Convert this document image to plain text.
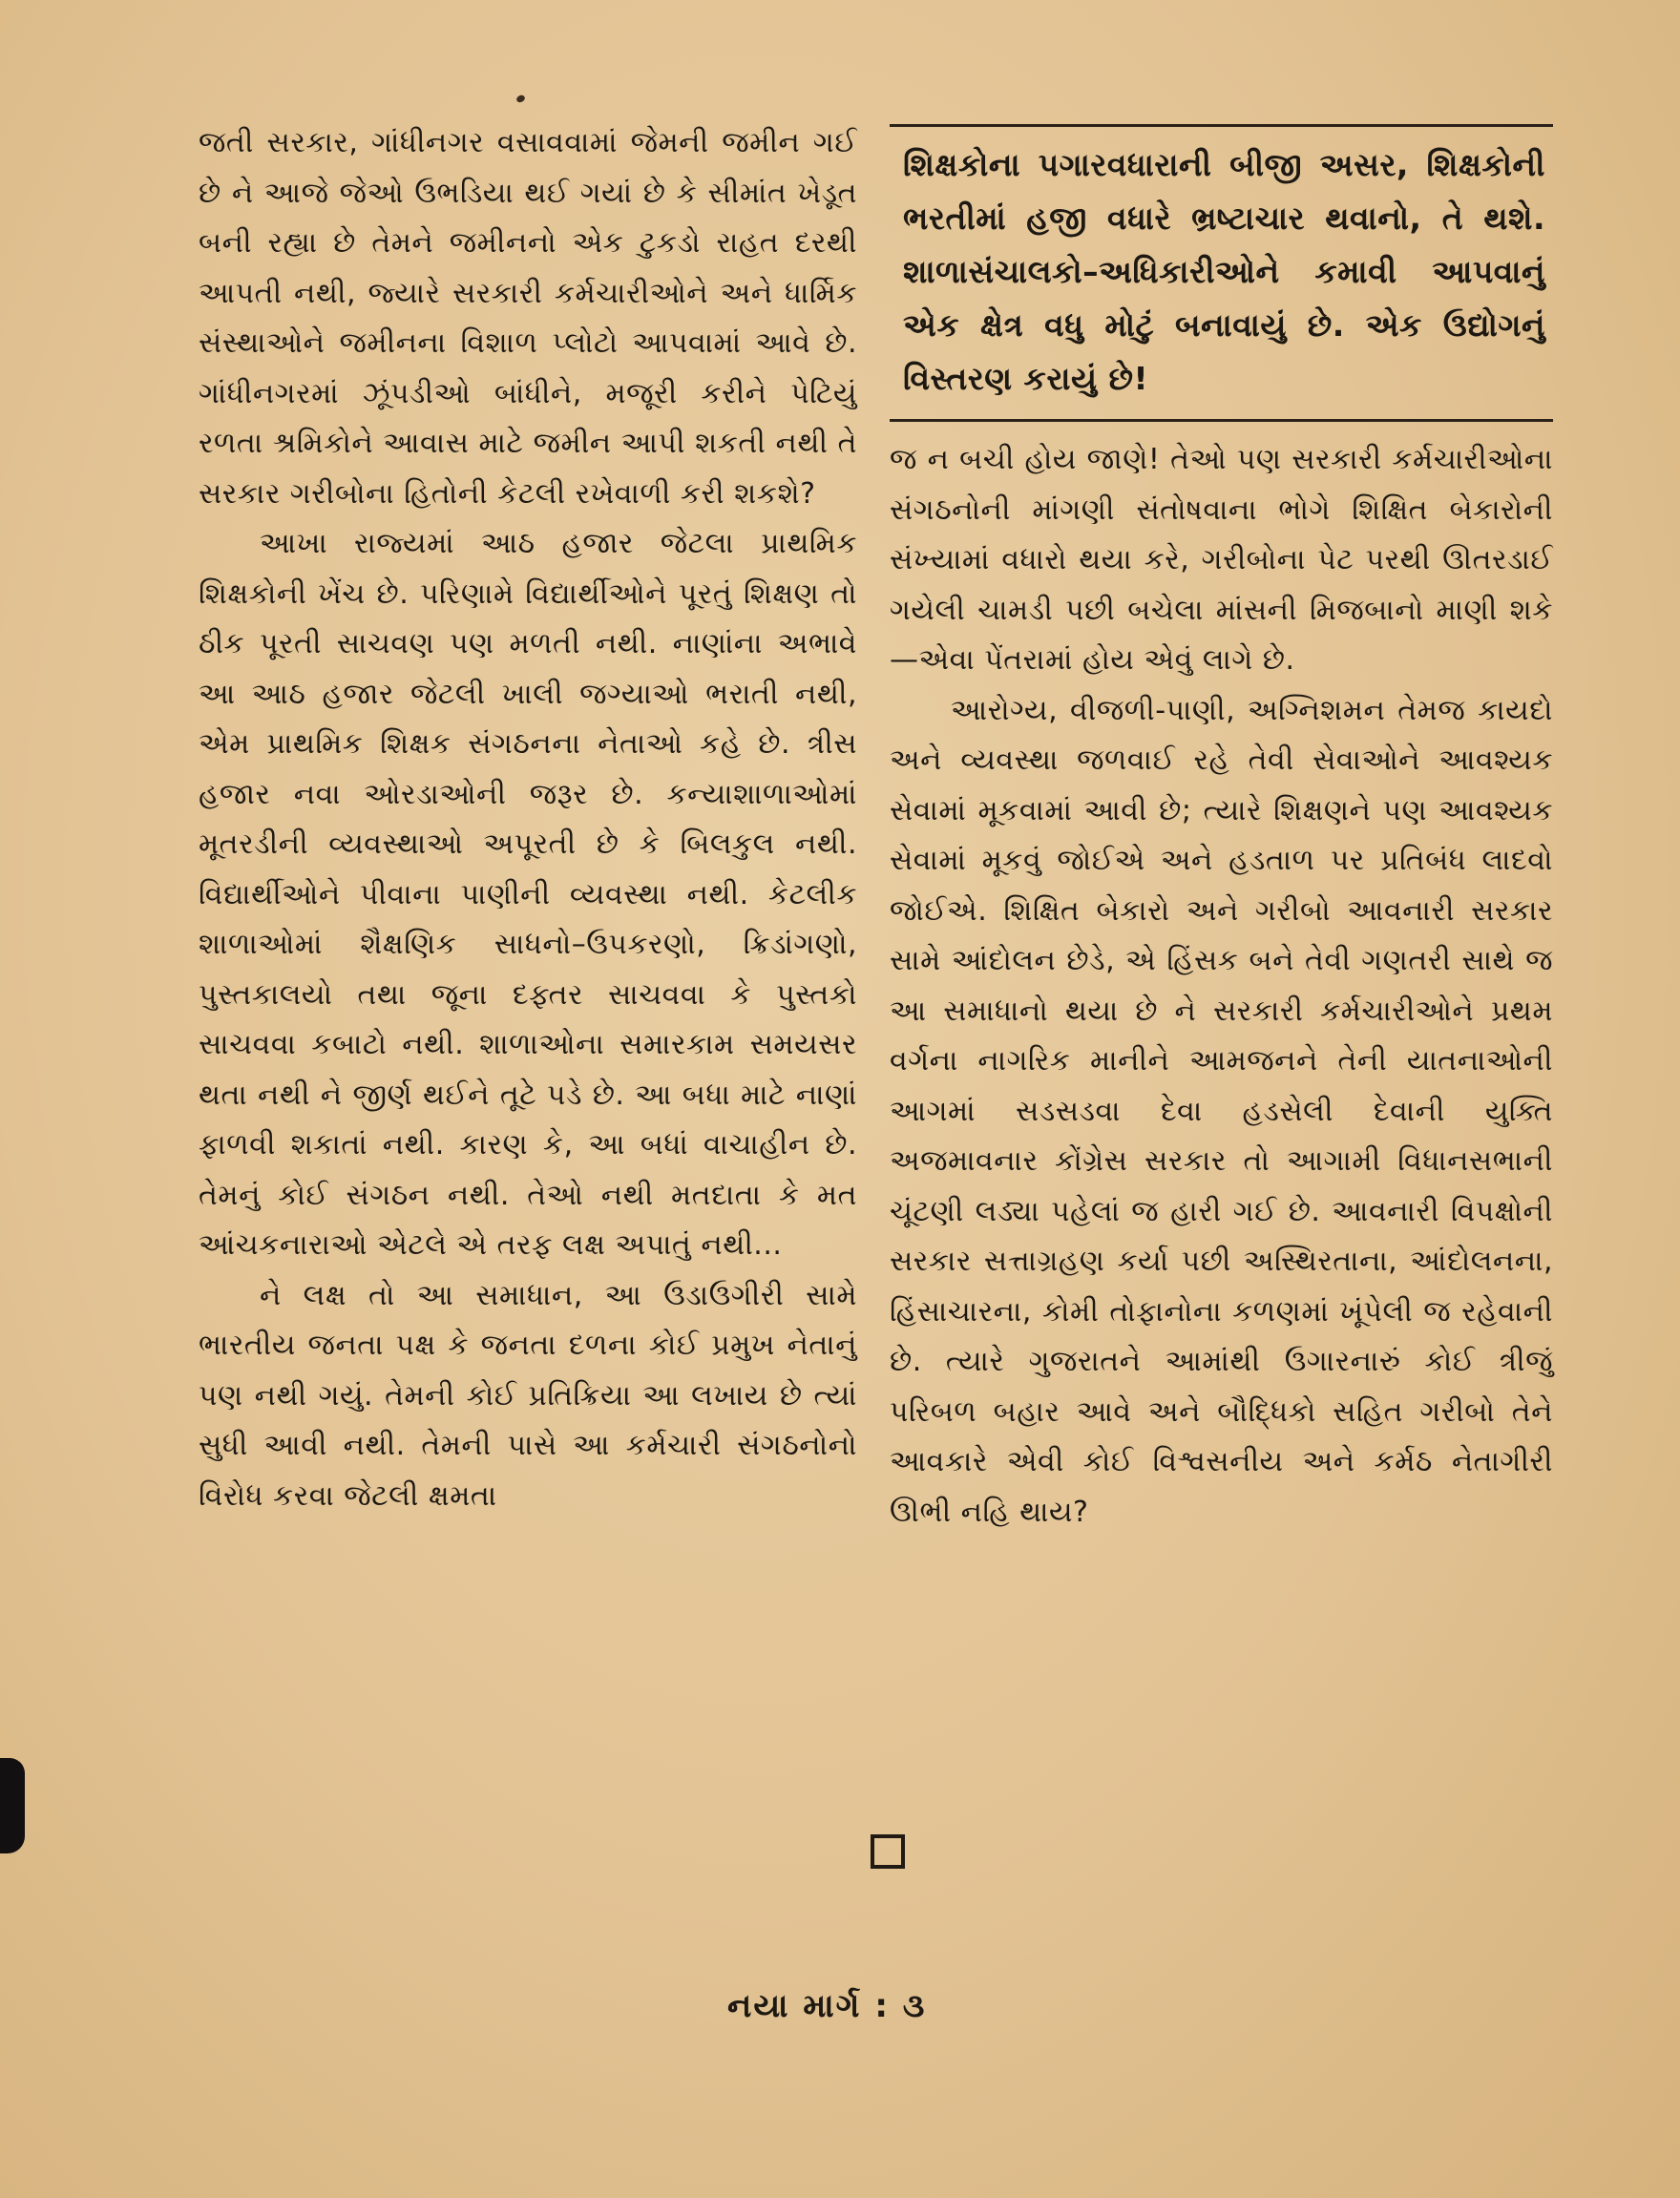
જતી સરકાર, ગાંધીનગર વસાવવામાં જેમની જમીન ગઈ છે ને આજે જેઓ ઉભડિયા થઈ ગયાં છે કે સીમાંત ખેડૂત બની રહ્યા છે તેમને જમીનનો એક ટુકડો રાહત દરથી આપતી નથી, જ્યારે સરકારી કર્મચારીઓને અને ધાર્મિક સંસ્થાઓને જમીનના વિશાળ પ્લોટો આપવામાં આવે છે. ગાંધીનગરમાં ઝૂંપડીઓ બાંધીને, મજૂરી કરીને પેટિયું રળતા શ્રમિકોને આવાસ માટે જમીન આપી શકતી નથી તે સરકાર ગરીબોના હિતોની કેટલી રખેવાળી કરી શકશે?

આખા રાજ્યમાં આઠ હજાર જેટલા પ્રાથમિક શિક્ષકોની ખેંચ છે. પરિણામે વિદ્યાર્થીઓને પૂરતું શિક્ષણ તો ઠીક પૂરતી સાચવણ પણ મળતી નથી. નાણાંના અભાવે આ આઠ હજાર જેટલી ખાલી જગ્યાઓ ભરાતી નથી, એમ પ્રાથમિક શિક્ષક સંગઠનના નેતાઓ કહે છે. ત્રીસ હજાર નવા ઓરડાઓની જરૂર છે. કન્યાશાળાઓમાં મૂતરડીની વ્યવસ્થાઓ અપૂરતી છે કે બિલકુલ નથી. વિદ્યાર્થીઓને પીવાના પાણીની વ્યવસ્થા નથી. કેટલીક શાળાઓમાં શૈક્ષણિક સાધનો–ઉપકરણો, ક્રિડાંગણો, પુસ્તકાલયો તથા જૂના દફ્તર સાચવવા કે પુસ્તકો સાચવવા કબાટો નથી. શાળાઓના સમારકામ સમયસર થતા નથી ને જીર્ણ થઈને તૂટે પડે છે. આ બધા માટે નાણાં ફાળવી શકાતાં નથી. કારણ કે, આ બધાં વાચાહીન છે. તેમનું કોઈ સંગઠન નથી. તેઓ નથી મતદાતા કે મત આંચકનારાઓ એટલે એ તરફ લક્ષ અપાતું નથી...

ને લક્ષ તો આ સમાધાન, આ ઉડાઉગીરી સામે ભારતીય જનતા પક્ષ કે જનતા દળના કોઈ પ્રમુખ નેતાનું પણ નથી ગયું. તેમની કોઈ પ્રતિક્રિયા આ લખાય છે ત્યાં સુધી આવી નથી. તેમની પાસે આ કર્મચારી સંગઠનોનો વિરોધ કરવા જેટલી ક્ષમતા

શિક્ષકોના પગારવધારાની બીજી અસર, શિક્ષકોની ભરતીમાં હજી વધારે ભ્રષ્ટાચાર થવાનો, તે થશે. શાળાસંચાલકો–અધિકારીઓને કમાવી આપવાનું એક ક્ષેત્ર વધુ મોટું બનાવાયું છે. એક ઉદ્યોગનું વિસ્તરણ કરાયું છે!

જ ન બચી હોય જાણે! તેઓ પણ સરકારી કર્મચારીઓના સંગઠનોની માંગણી સંતોષવાના ભોગે શિક્ષિત બેકારોની સંખ્યામાં વધારો થયા કરે, ગરીબોના પેટ પરથી ઊતરડાઈ ગયેલી ચામડી પછી બચેલા માંસની મિજબાનો માણી શકે—એવા પેંતરામાં હોય એવું લાગે છે.

આરોગ્ય, વીજળી-પાણી, અગ્નિશમન તેમજ કાયદો અને વ્યવસ્થા જળવાઈ રહે તેવી સેવાઓને આવશ્યક સેવામાં મૂકવામાં આવી છે; ત્યારે શિક્ષણને પણ આવશ્યક સેવામાં મૂકવું જોઈએ અને હડતાળ પર પ્રતિબંધ લાદવો જોઈએ. શિક્ષિત બેકારો અને ગરીબો આવનારી સરકાર સામે આંદોલન છેડે, એ હિંસક બને તેવી ગણતરી સાથે જ આ સમાધાનો થયા છે ને સરકારી કર્મચારીઓને પ્રથમ વર્ગના નાગરિક માનીને આમજનને તેની યાતનાઓની આગમાં સડસડવા દેવા હડસેલી દેવાની યુક્તિ અજમાવનાર કોંગ્રેસ સરકાર તો આગામી વિધાનસભાની ચૂંટણી લડ્યા પહેલાં જ હારી ગઈ છે. આવનારી વિપક્ષોની સરકાર સત્તાગ્રહણ કર્યા પછી અસ્થિરતાના, આંદોલનના, હિંસાચારના, કોમી તોફાનોના કળણમાં ખૂંપેલી જ રહેવાની છે. ત્યારે ગુજરાતને આમાંથી ઉગારનારું કોઈ ત્રીજું પરિબળ બહાર આવે અને બૌદ્ધિકો સહિત ગરીબો તેને આવકારે એવી કોઈ વિશ્વસનીય અને કર્મઠ નેતાગીરી ઊભી નહિ થાય?

નયા માર્ગ : ૩
